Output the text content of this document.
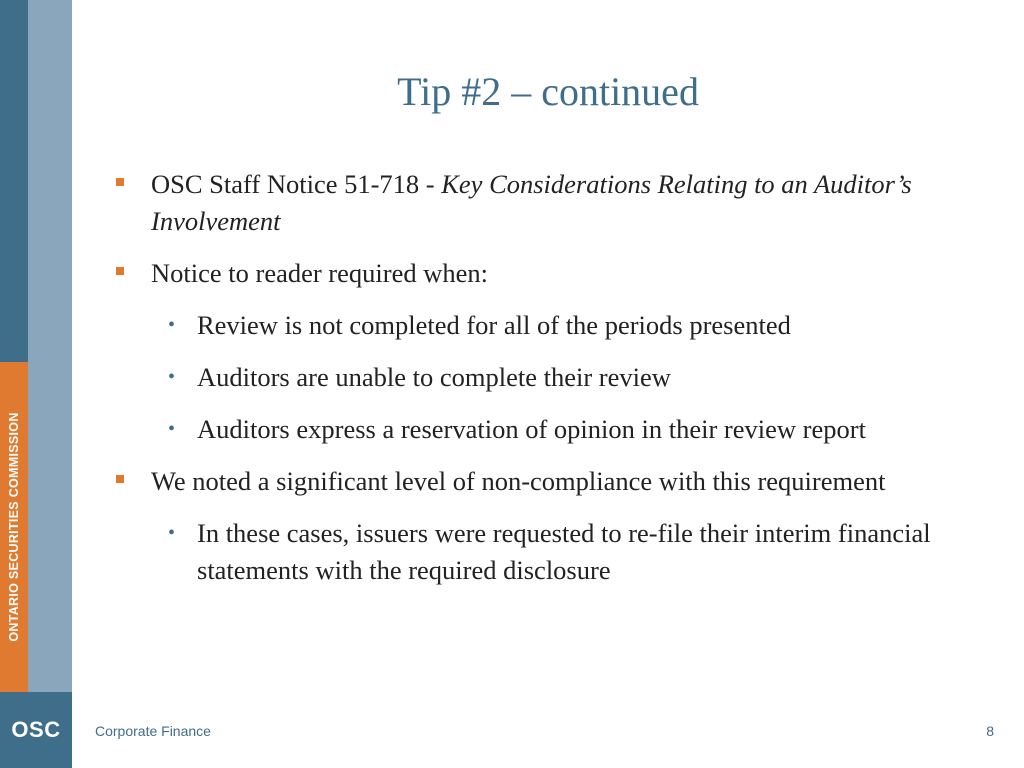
ONTARIO SECURITIES COMMISSION
OSC
Tip #2 – continued
OSC Staff Notice 51-718 - Key Considerations Relating to an Auditor’s Involvement
Notice to reader required when:
• Review is not completed for all of the periods presented
• Auditors are unable to complete their review
• Auditors express a reservation of opinion in their review report
We noted a significant level of non-compliance with this requirement
• In these cases, issuers were requested to re-file their interim financial statements with the required disclosure
Corporate Finance	8
